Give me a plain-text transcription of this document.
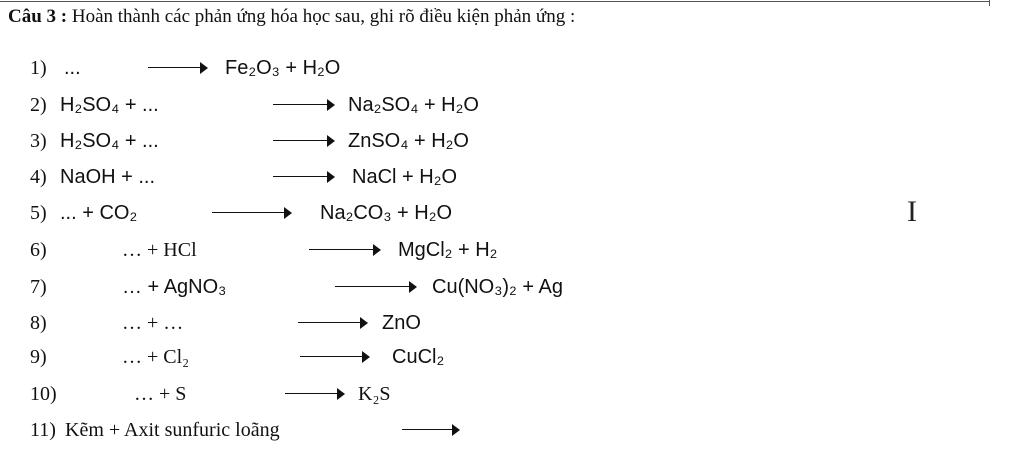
Câu 3 : Hoàn thành các phản ứng hóa học sau, ghi rõ điều kiện phản ứng :
1) ...	Fe₂O₃ + H₂O
2) H₂SO₄ + ...	Na₂SO₄ + H₂O
3) H₂SO₄ + ...	ZnSO₄ + H₂O
4) NaOH + ...	NaCl + H₂O
5) ... + CO₂	Na₂CO₃ + H₂O
6)	… + HCl	MgCl₂ + H₂
7)	… + AgNO₃	Cu(NO₃)₂ + Ag
8)	… + …	ZnO
9)	… + Cl₂	CuCl₂
10)	… + S	K₂S
11) Kẽm + Axit sunfuric loãng
I
